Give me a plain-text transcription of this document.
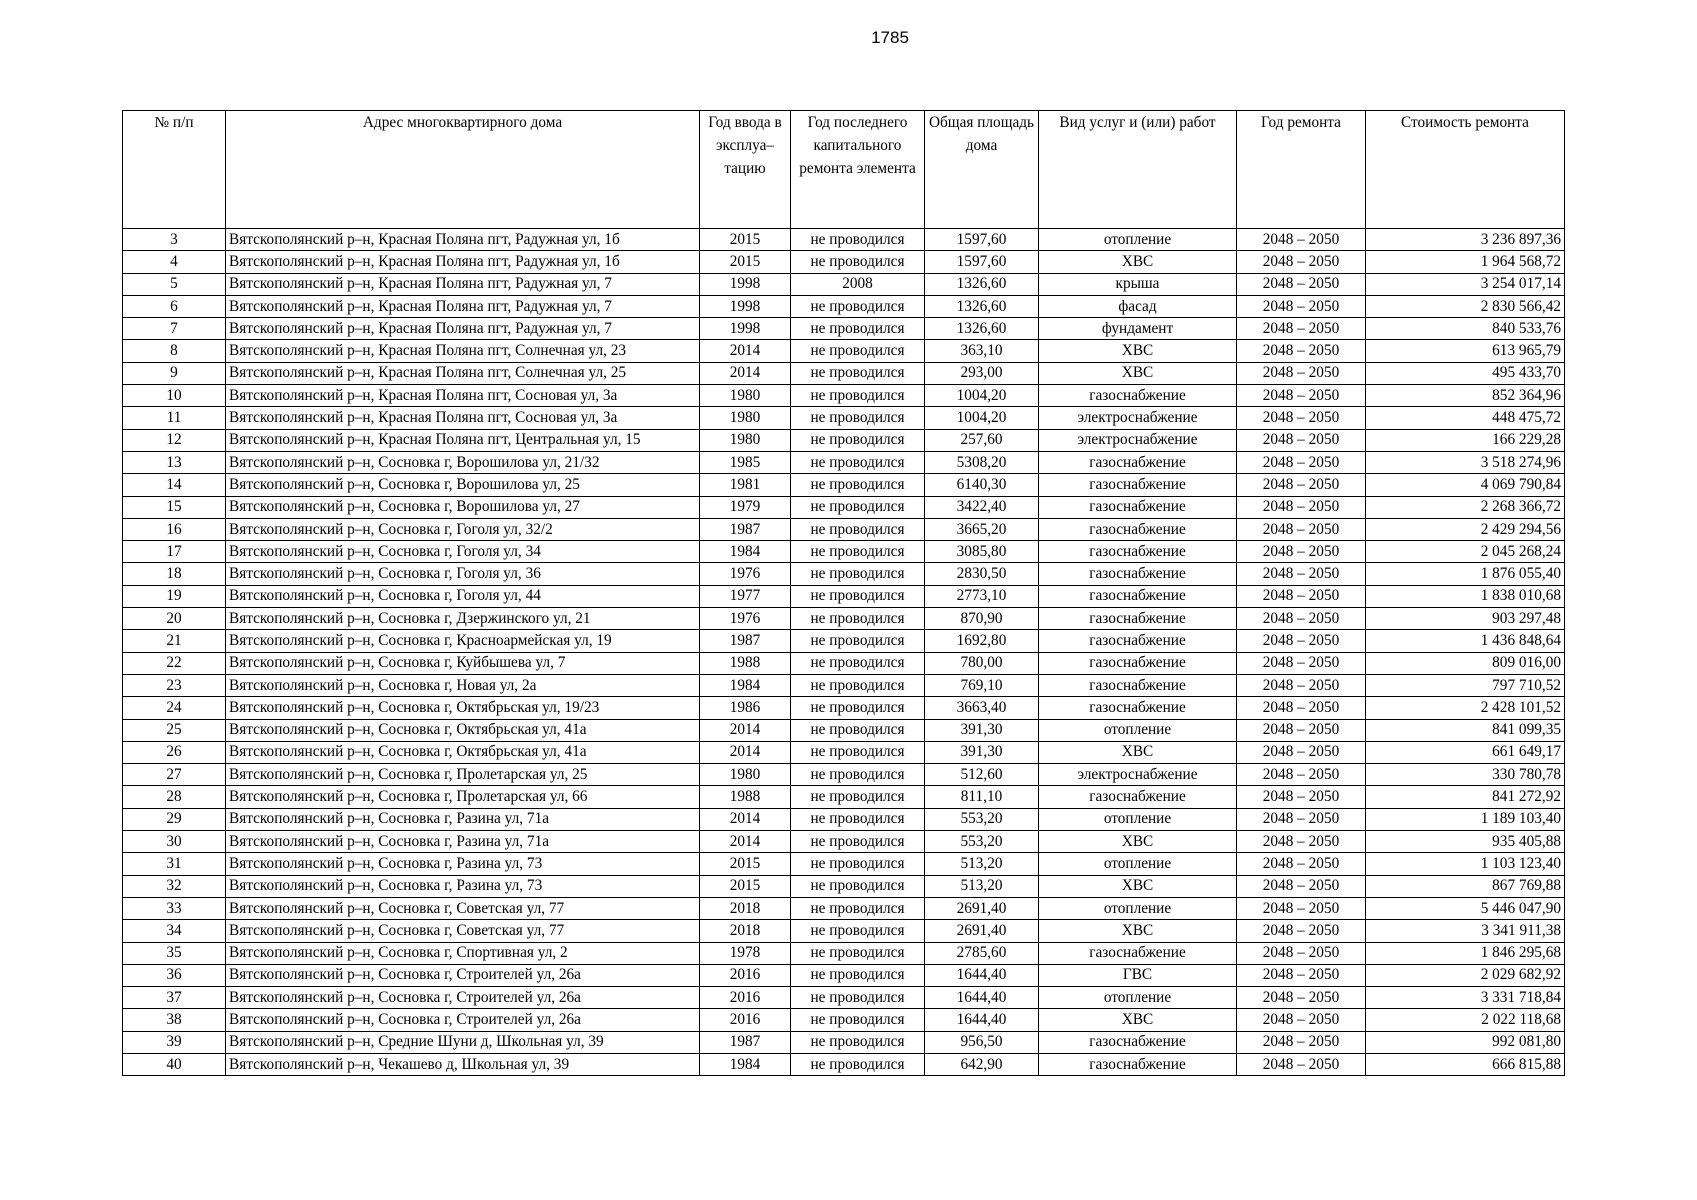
1785
№ п/п	Адрес многоквартирного дома	Год ввода в эксплуа–тацию	Год последнего капитального ремонта элемента	Общая площадь дома	Вид услуг и (или) работ	Год ремонта	Стоимость ремонта
3	Вятскополянский р–н, Красная Поляна пгт, Радужная ул, 1б	2015	не проводился	1597,60	отопление	2048 – 2050	3 236 897,36
4	Вятскополянский р–н, Красная Поляна пгт, Радужная ул, 1б	2015	не проводился	1597,60	ХВС	2048 – 2050	1 964 568,72
5	Вятскополянский р–н, Красная Поляна пгт, Радужная ул, 7	1998	2008	1326,60	крыша	2048 – 2050	3 254 017,14
6	Вятскополянский р–н, Красная Поляна пгт, Радужная ул, 7	1998	не проводился	1326,60	фасад	2048 – 2050	2 830 566,42
7	Вятскополянский р–н, Красная Поляна пгт, Радужная ул, 7	1998	не проводился	1326,60	фундамент	2048 – 2050	840 533,76
8	Вятскополянский р–н, Красная Поляна пгт, Солнечная ул, 23	2014	не проводился	363,10	ХВС	2048 – 2050	613 965,79
9	Вятскополянский р–н, Красная Поляна пгт, Солнечная ул, 25	2014	не проводился	293,00	ХВС	2048 – 2050	495 433,70
10	Вятскополянский р–н, Красная Поляна пгт, Сосновая ул, 3а	1980	не проводился	1004,20	газоснабжение	2048 – 2050	852 364,96
11	Вятскополянский р–н, Красная Поляна пгт, Сосновая ул, 3а	1980	не проводился	1004,20	электроснабжение	2048 – 2050	448 475,72
12	Вятскополянский р–н, Красная Поляна пгт, Центральная ул, 15	1980	не проводился	257,60	электроснабжение	2048 – 2050	166 229,28
13	Вятскополянский р–н, Сосновка г, Ворошилова ул, 21/32	1985	не проводился	5308,20	газоснабжение	2048 – 2050	3 518 274,96
14	Вятскополянский р–н, Сосновка г, Ворошилова ул, 25	1981	не проводился	6140,30	газоснабжение	2048 – 2050	4 069 790,84
15	Вятскополянский р–н, Сосновка г, Ворошилова ул, 27	1979	не проводился	3422,40	газоснабжение	2048 – 2050	2 268 366,72
16	Вятскополянский р–н, Сосновка г, Гоголя ул, 32/2	1987	не проводился	3665,20	газоснабжение	2048 – 2050	2 429 294,56
17	Вятскополянский р–н, Сосновка г, Гоголя ул, 34	1984	не проводился	3085,80	газоснабжение	2048 – 2050	2 045 268,24
18	Вятскополянский р–н, Сосновка г, Гоголя ул, 36	1976	не проводился	2830,50	газоснабжение	2048 – 2050	1 876 055,40
19	Вятскополянский р–н, Сосновка г, Гоголя ул, 44	1977	не проводился	2773,10	газоснабжение	2048 – 2050	1 838 010,68
20	Вятскополянский р–н, Сосновка г, Дзержинского ул, 21	1976	не проводился	870,90	газоснабжение	2048 – 2050	903 297,48
21	Вятскополянский р–н, Сосновка г, Красноармейская ул, 19	1987	не проводился	1692,80	газоснабжение	2048 – 2050	1 436 848,64
22	Вятскополянский р–н, Сосновка г, Куйбышева ул, 7	1988	не проводился	780,00	газоснабжение	2048 – 2050	809 016,00
23	Вятскополянский р–н, Сосновка г, Новая ул, 2а	1984	не проводился	769,10	газоснабжение	2048 – 2050	797 710,52
24	Вятскополянский р–н, Сосновка г, Октябрьская ул, 19/23	1986	не проводился	3663,40	газоснабжение	2048 – 2050	2 428 101,52
25	Вятскополянский р–н, Сосновка г, Октябрьская ул, 41а	2014	не проводился	391,30	отопление	2048 – 2050	841 099,35
26	Вятскополянский р–н, Сосновка г, Октябрьская ул, 41а	2014	не проводился	391,30	ХВС	2048 – 2050	661 649,17
27	Вятскополянский р–н, Сосновка г, Пролетарская ул, 25	1980	не проводился	512,60	электроснабжение	2048 – 2050	330 780,78
28	Вятскополянский р–н, Сосновка г, Пролетарская ул, 66	1988	не проводился	811,10	газоснабжение	2048 – 2050	841 272,92
29	Вятскополянский р–н, Сосновка г, Разина ул, 71а	2014	не проводился	553,20	отопление	2048 – 2050	1 189 103,40
30	Вятскополянский р–н, Сосновка г, Разина ул, 71а	2014	не проводился	553,20	ХВС	2048 – 2050	935 405,88
31	Вятскополянский р–н, Сосновка г, Разина ул, 73	2015	не проводился	513,20	отопление	2048 – 2050	1 103 123,40
32	Вятскополянский р–н, Сосновка г, Разина ул, 73	2015	не проводился	513,20	ХВС	2048 – 2050	867 769,88
33	Вятскополянский р–н, Сосновка г, Советская ул, 77	2018	не проводился	2691,40	отопление	2048 – 2050	5 446 047,90
34	Вятскополянский р–н, Сосновка г, Советская ул, 77	2018	не проводился	2691,40	ХВС	2048 – 2050	3 341 911,38
35	Вятскополянский р–н, Сосновка г, Спортивная ул, 2	1978	не проводился	2785,60	газоснабжение	2048 – 2050	1 846 295,68
36	Вятскополянский р–н, Сосновка г, Строителей ул, 26а	2016	не проводился	1644,40	ГВС	2048 – 2050	2 029 682,92
37	Вятскополянский р–н, Сосновка г, Строителей ул, 26а	2016	не проводился	1644,40	отопление	2048 – 2050	3 331 718,84
38	Вятскополянский р–н, Сосновка г, Строителей ул, 26а	2016	не проводился	1644,40	ХВС	2048 – 2050	2 022 118,68
39	Вятскополянский р–н, Средние Шуни д, Школьная ул, 39	1987	не проводился	956,50	газоснабжение	2048 – 2050	992 081,80
40	Вятскополянский р–н, Чекашево д, Школьная ул, 39	1984	не проводился	642,90	газоснабжение	2048 – 2050	666 815,88
